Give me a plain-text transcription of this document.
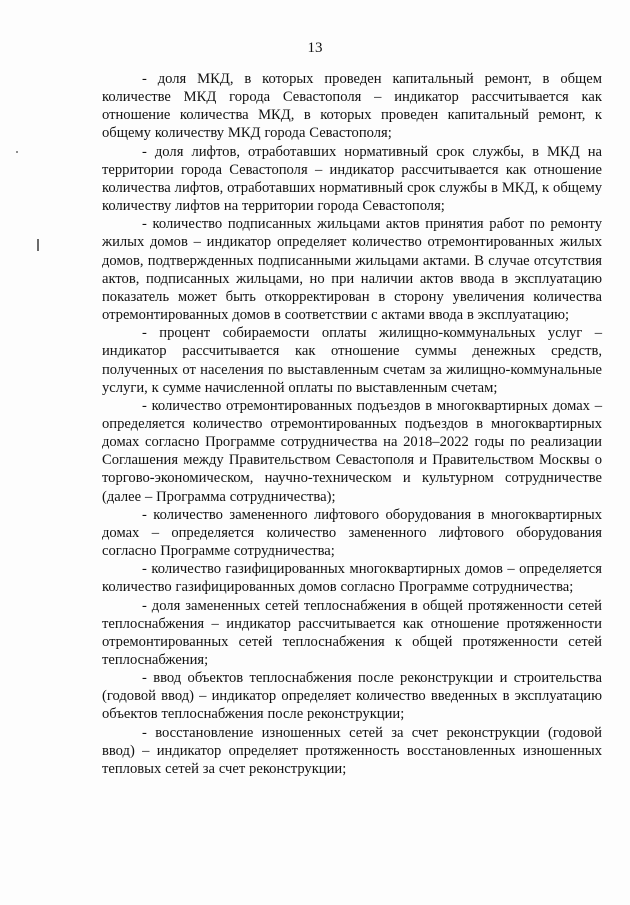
13

- доля МКД, в которых проведен капитальный ремонт, в общем количестве МКД города Севастополя – индикатор рассчитывается как отношение количества МКД, в которых проведен капитальный ремонт, к общему количеству МКД города Севастополя;

- доля лифтов, отработавших нормативный срок службы, в МКД на территории города Севастополя – индикатор рассчитывается как отношение количества лифтов, отработавших нормативный срок службы в МКД, к общему количеству лифтов на территории города Севастополя;

- количество подписанных жильцами актов принятия работ по ремонту жилых домов – индикатор определяет количество отремонтированных жилых домов, подтвержденных подписанными жильцами актами. В случае отсутствия актов, подписанных жильцами, но при наличии актов ввода в эксплуатацию показатель может быть откорректирован в сторону увеличения количества отремонтированных домов в соответствии с актами ввода в эксплуатацию;

- процент собираемости оплаты жилищно-коммунальных услуг – индикатор рассчитывается как отношение суммы денежных средств, полученных от населения по выставленным счетам за жилищно-коммунальные услуги, к сумме начисленной оплаты по выставленным счетам;

- количество отремонтированных подъездов в многоквартирных домах – определяется количество отремонтированных подъездов в многоквартирных домах согласно Программе сотрудничества на 2018–2022 годы по реализации Соглашения между Правительством Севастополя и Правительством Москвы о торгово-экономическом, научно-техническом и культурном сотрудничестве (далее – Программа сотрудничества);

- количество замененного лифтового оборудования в многоквартирных домах – определяется количество замененного лифтового оборудования согласно Программе сотрудничества;

- количество газифицированных многоквартирных домов – определяется количество газифицированных домов согласно Программе сотрудничества;

- доля замененных сетей теплоснабжения в общей протяженности сетей теплоснабжения – индикатор рассчитывается как отношение протяженности отремонтированных сетей теплоснабжения к общей протяженности сетей теплоснабжения;

- ввод объектов теплоснабжения после реконструкции и строительства (годовой ввод) – индикатор определяет количество введенных в эксплуатацию объектов теплоснабжения после реконструкции;

- восстановление изношенных сетей за счет реконструкции (годовой ввод) – индикатор определяет протяженность восстановленных изношенных тепловых сетей за счет реконструкции;
